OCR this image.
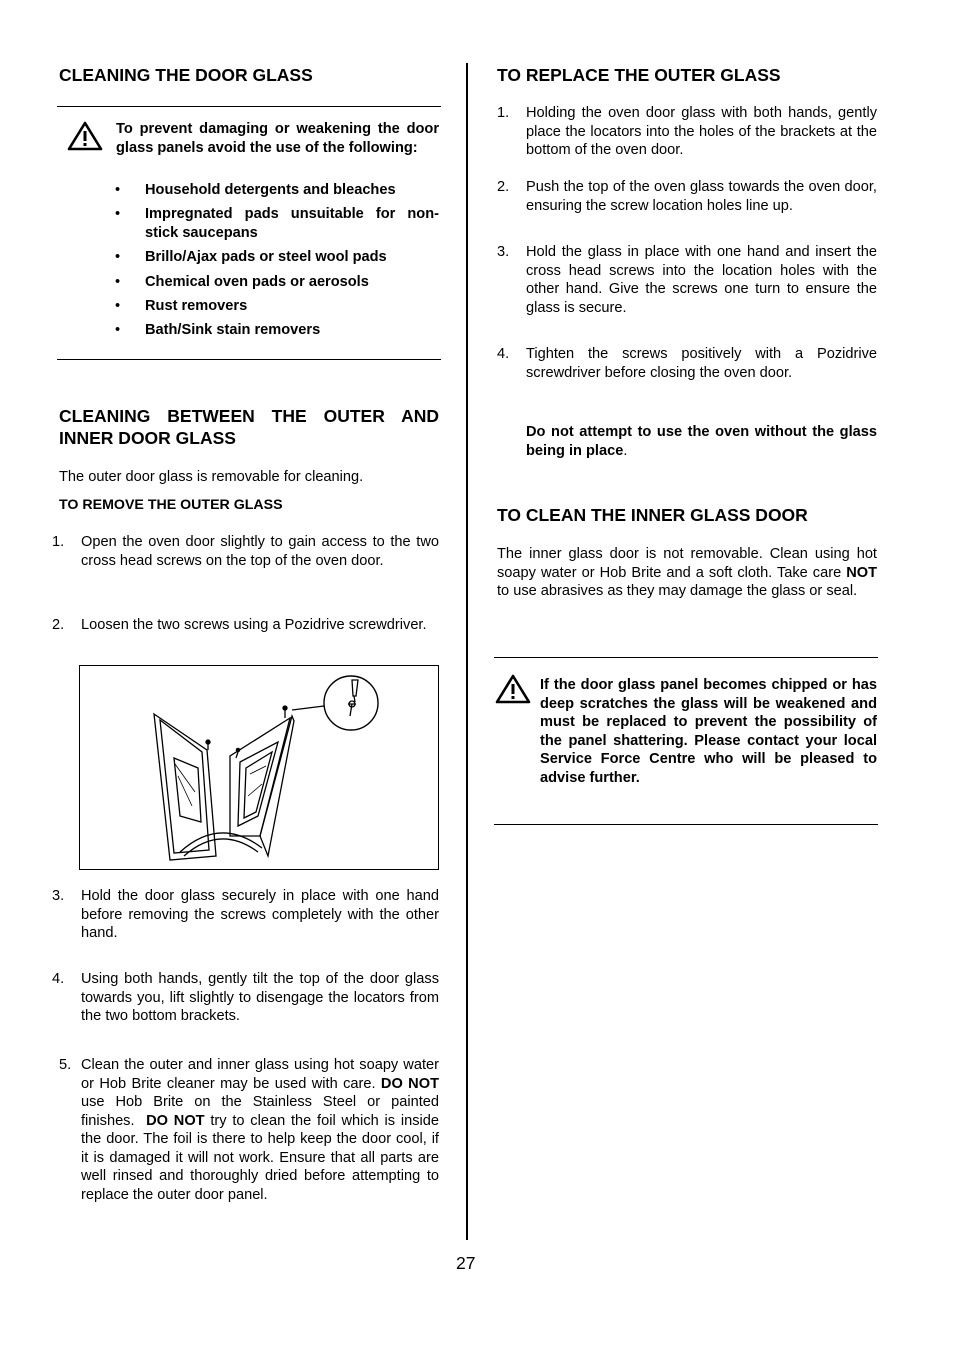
CLEANING THE DOOR GLASS
To prevent damaging or weakening the door glass panels avoid the use of the following:
• Household detergents and bleaches
• Impregnated pads unsuitable for non-stick saucepans
• Brillo/Ajax pads or steel wool pads
• Chemical oven pads or aerosols
• Rust removers
• Bath/Sink stain removers
CLEANING BETWEEN THE OUTER AND INNER DOOR GLASS
The outer door glass is removable for cleaning.
TO REMOVE THE OUTER GLASS
1. Open the oven door slightly to gain access to the two cross head screws on the top of the oven door.
2. Loosen the two screws using a Pozidrive screwdriver.
3. Hold the door glass securely in place with one hand before removing the screws completely with the other hand.
4. Using both hands, gently tilt the top of the door glass towards you, lift slightly to disengage the locators from the two bottom brackets.
5. Clean the outer and inner glass using hot soapy water or Hob Brite cleaner may be used with care. DO NOT use Hob Brite on the Stainless Steel or painted finishes. DO NOT try to clean the foil which is inside the door. The foil is there to help keep the door cool, if it is damaged it will not work. Ensure that all parts are well rinsed and thoroughly dried before attempting to replace the outer door panel.
TO REPLACE THE OUTER GLASS
1. Holding the oven door glass with both hands, gently place the locators into the holes of the brackets at the bottom of the oven door.
2. Push the top of the oven glass towards the oven door, ensuring the screw location holes line up.
3. Hold the glass in place with one hand and insert the cross head screws into the location holes with the other hand. Give the screws one turn to ensure the glass is secure.
4. Tighten the screws positively with a Pozidrive screwdriver before closing the oven door.
Do not attempt to use the oven without the glass being in place.
TO CLEAN THE INNER GLASS DOOR
The inner glass door is not removable. Clean using hot soapy water or Hob Brite and a soft cloth. Take care NOT to use abrasives as they may damage the glass or seal.
If the door glass panel becomes chipped or has deep scratches the glass will be weakened and must be replaced to prevent the possibility of the panel shattering. Please contact your local Service Force Centre who will be pleased to advise further.
27
